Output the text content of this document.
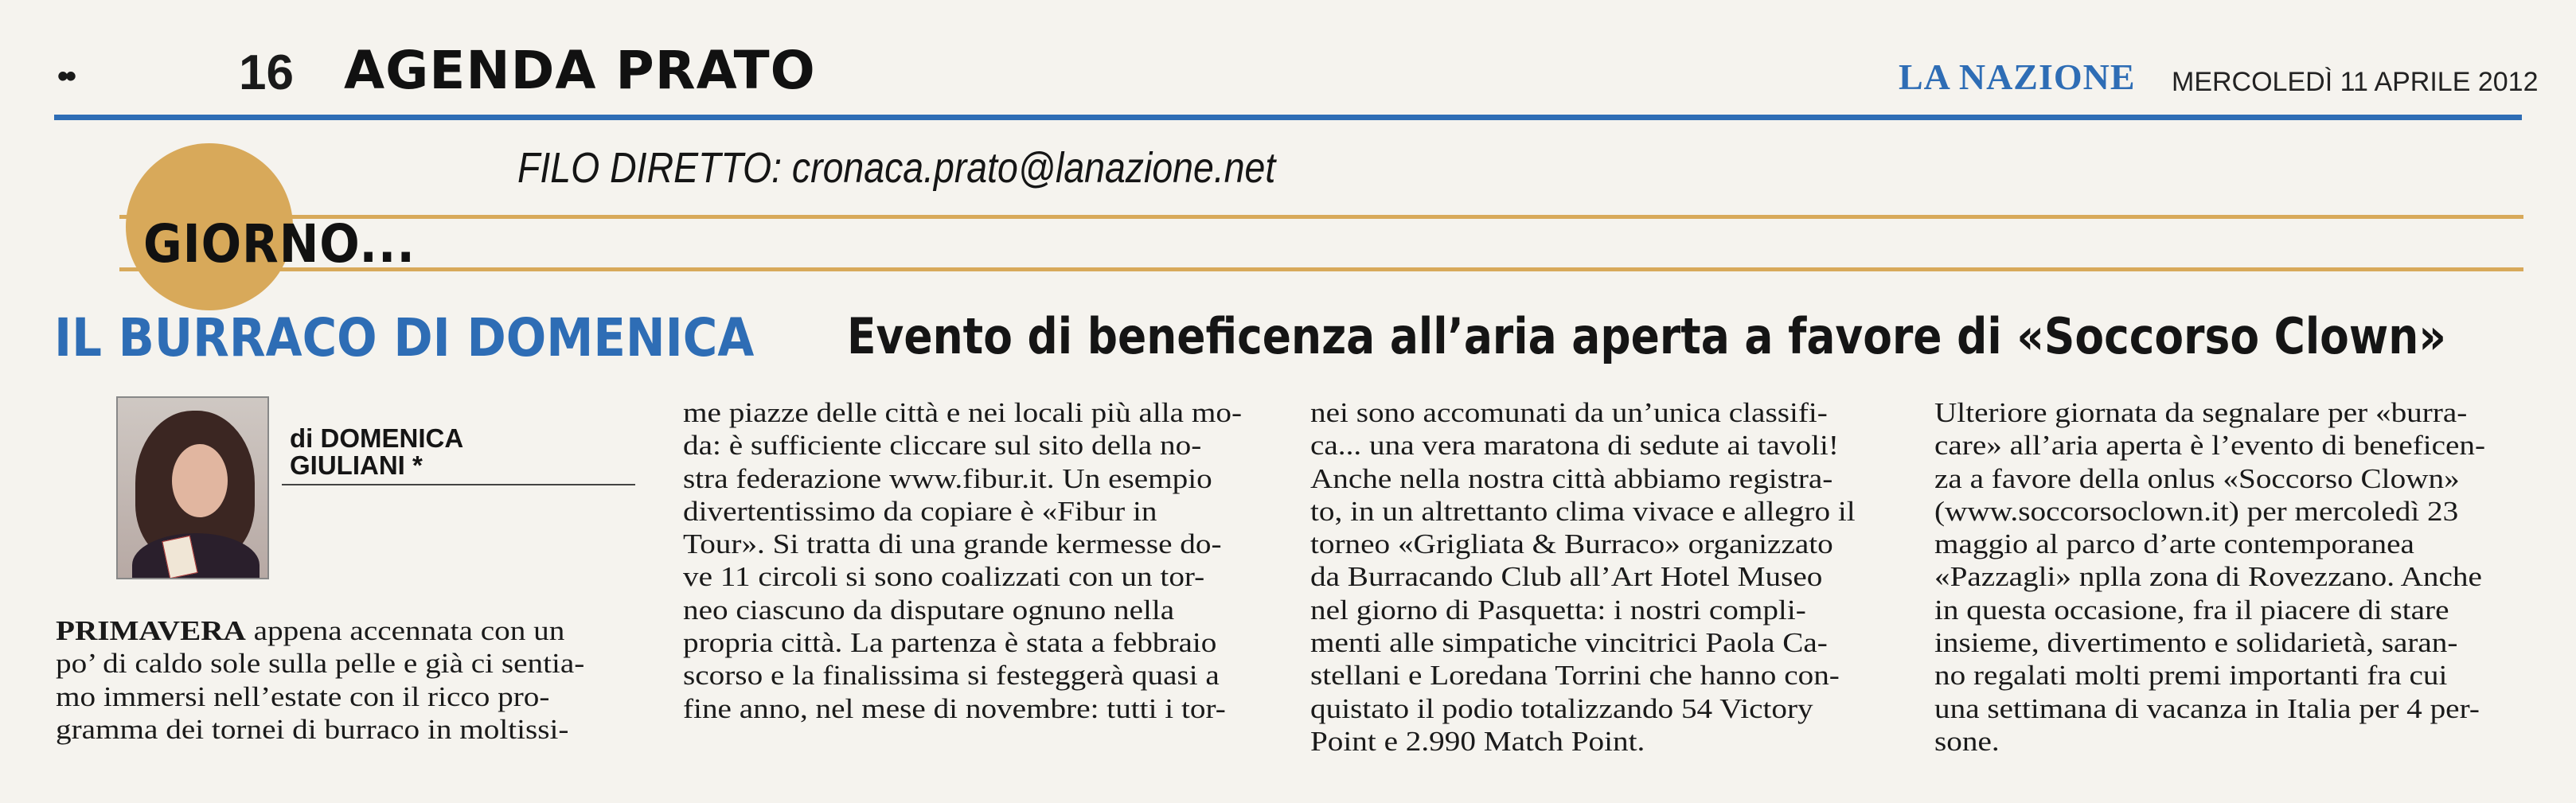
••	16 AGENDA PRATO	LA NAZIONE MERCOLEDÌ 11 APRILE 2012
FILO DIRETTO: cronaca.prato@lanazione.net
GIORNO...
IL BURRACO DI DOMENICA Evento di beneficenza all’aria aperta a favore di «Soccorso Clown»
di DOMENICA
GIULIANI *
PRIMAVERA appena accennata con un
po’ di caldo sole sulla pelle e già ci sentia-
mo immersi nell’estate con il ricco pro-
gramma dei tornei di burraco in moltissi-
me piazze delle città e nei locali più alla mo-
da: è sufficiente cliccare sul sito della no-
stra federazione www.fibur.it. Un esempio
divertentissimo da copiare è «Fibur in
Tour». Si tratta di una grande kermesse do-
ve 11 circoli si sono coalizzati con un tor-
neo ciascuno da disputare ognuno nella
propria città. La partenza è stata a febbraio
scorso e la finalissima si festeggerà quasi a
fine anno, nel mese di novembre: tutti i tor-
nei sono accomunati da un’unica classifi-
ca... una vera maratona di sedute ai tavoli!
Anche nella nostra città abbiamo registra-
to, in un altrettanto clima vivace e allegro il
torneo «Grigliata & Burraco» organizzato
da Burracando Club all’Art Hotel Museo
nel giorno di Pasquetta: i nostri compli-
menti alle simpatiche vincitrici Paola Ca-
stellani e Loredana Torrini che hanno con-
quistato il podio totalizzando 54 Victory
Point e 2.990 Match Point.
Ulteriore giornata da segnalare per «burra-
care» all’aria aperta è l’evento di beneficen-
za a favore della onlus «Soccorso Clown»
(www.soccorsoclown.it) per mercoledì 23
maggio al parco d’arte contemporanea
«Pazzagli» nplla zona di Rovezzano. Anche
in questa occasione, fra il piacere di stare
insieme, divertimento e solidarietà, saran-
no regalati molti premi importanti fra cui
una settimana di vacanza in Italia per 4 per-
sone.
